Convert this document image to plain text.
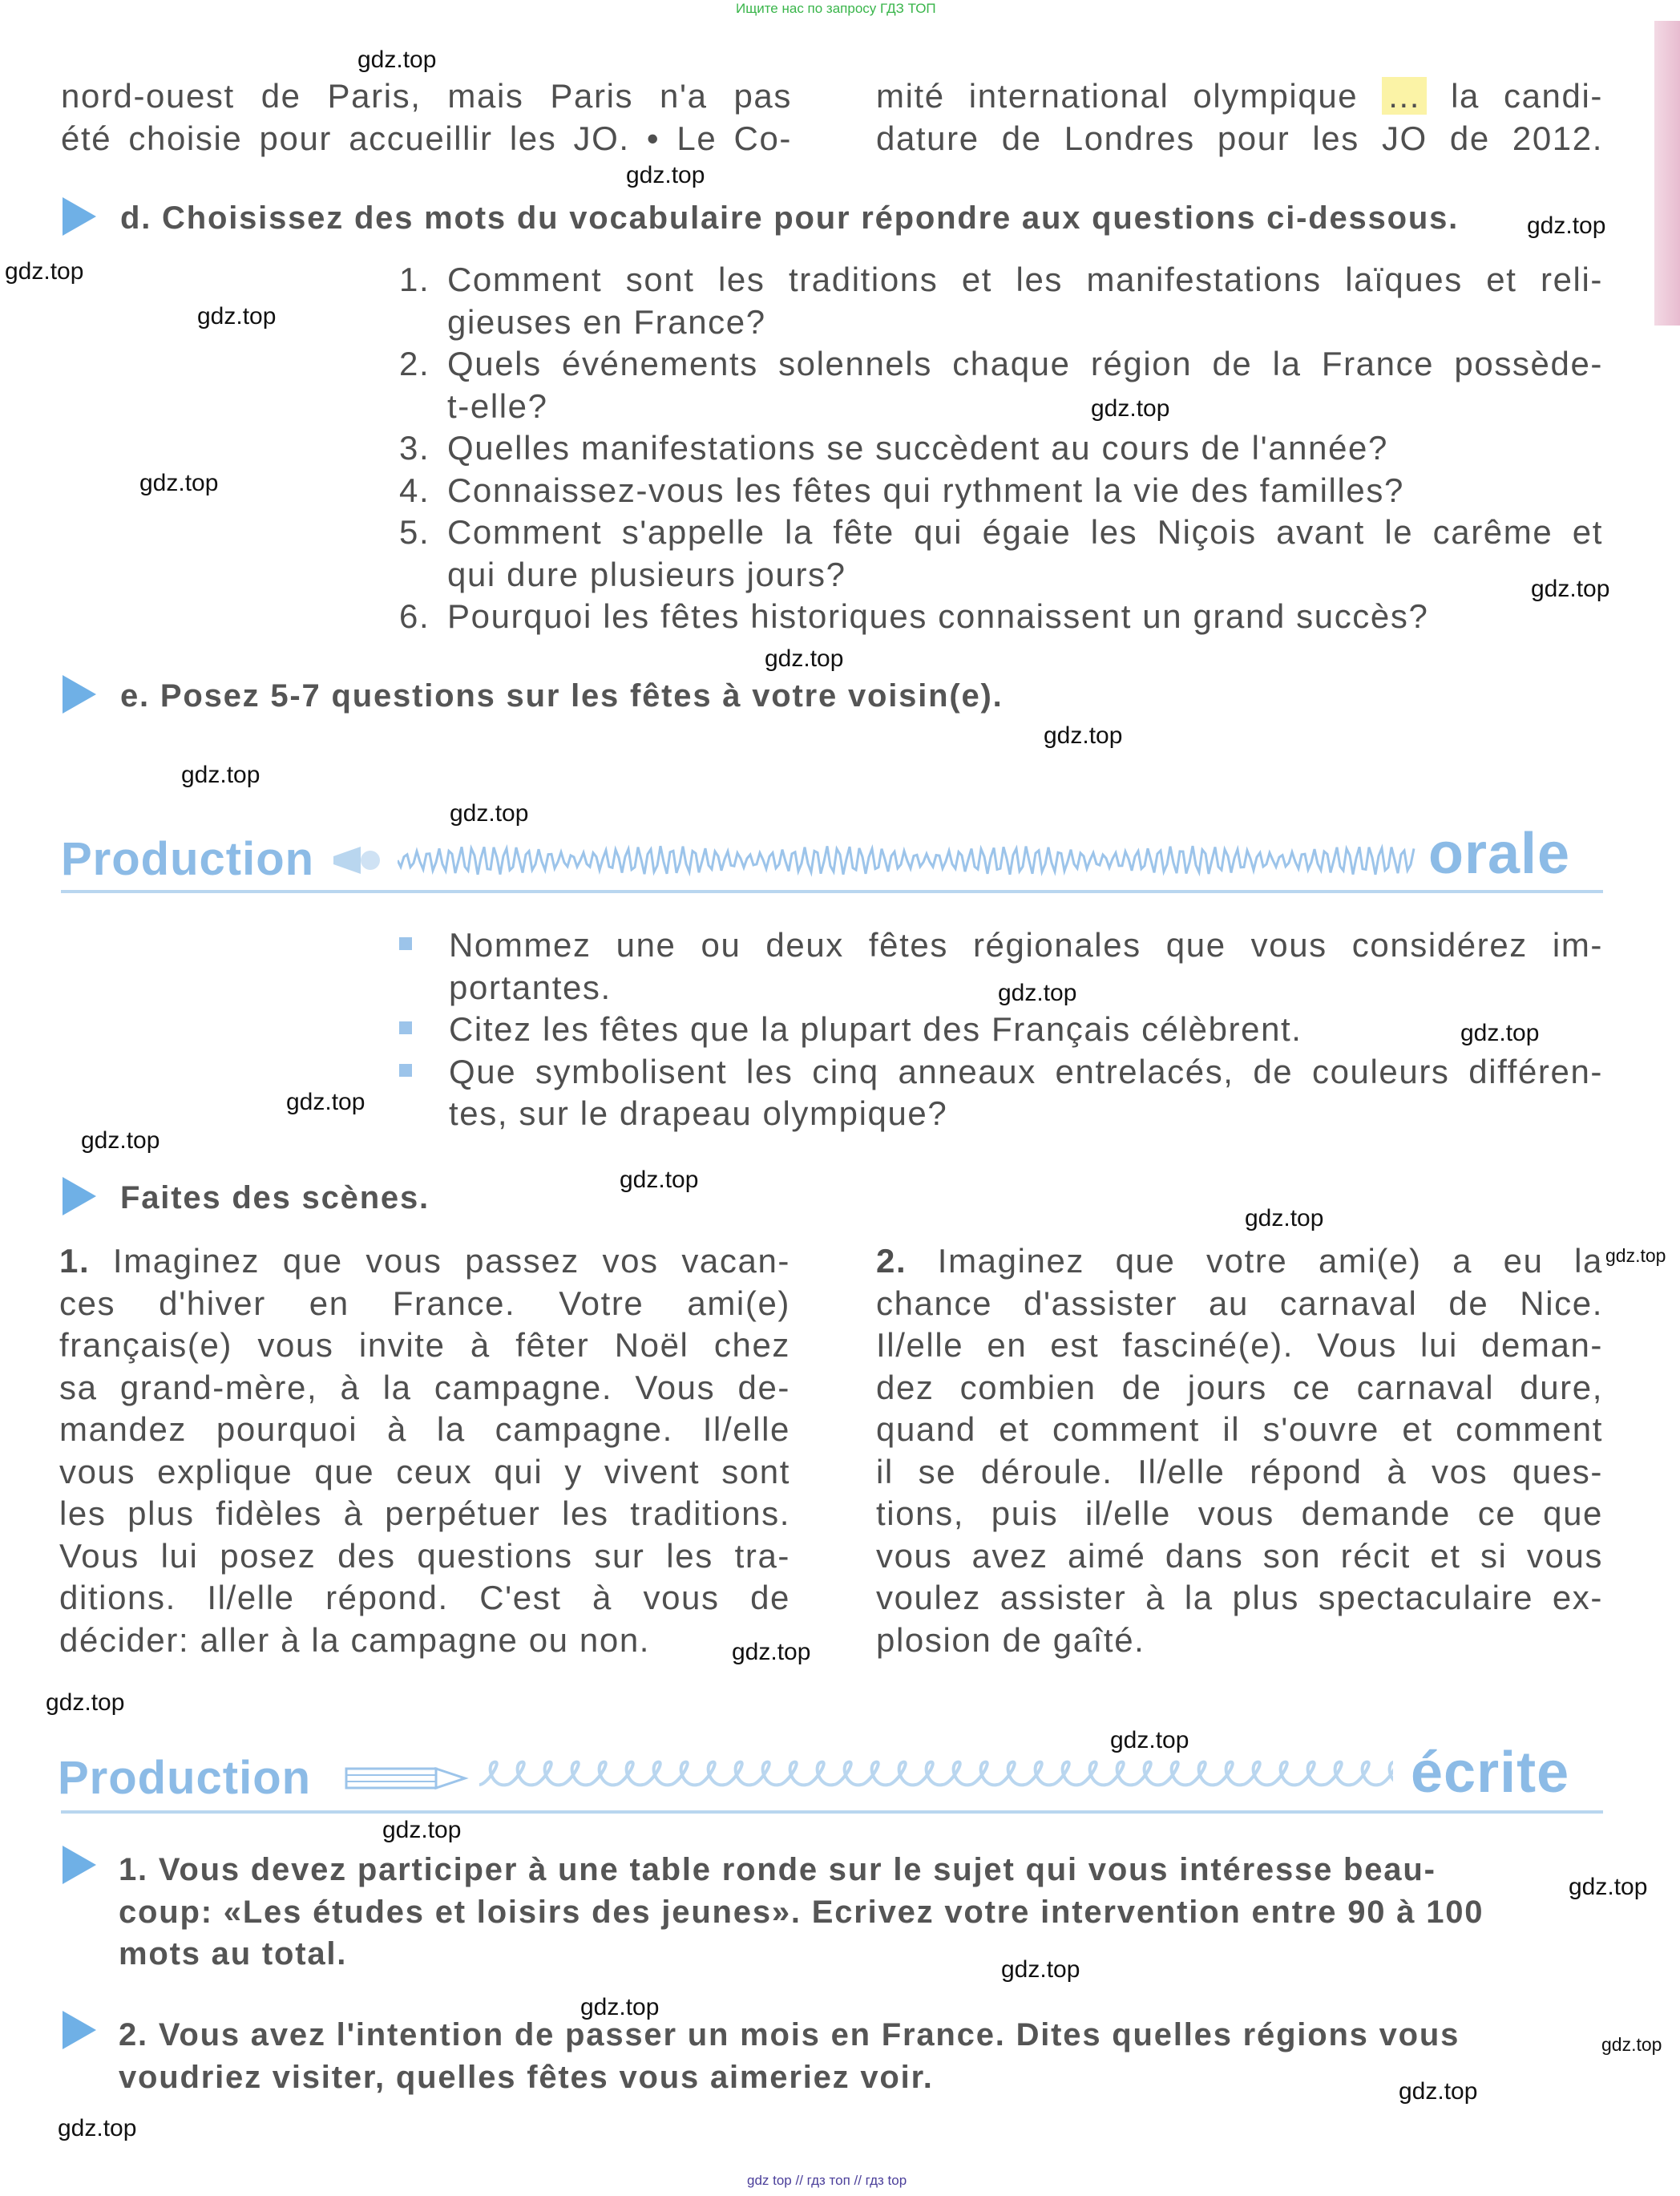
Ищите нас по запросу ГДЗ ТОП
gdz top // гдз топ // гдз top
nord-ouest de Paris, mais Paris n'a pas
été choisie pour accueillir les JO. • Le Co-
mité international olympique ... la candi-
dature de Londres pour les JO de 2012.
d. Choisissez des mots du vocabulaire pour répondre aux questions ci-dessous.
1. Comment sont les traditions et les manifestations laïques et reli-
gieuses en France?
2. Quels événements solennels chaque région de la France possède-
t-elle?
3. Quelles manifestations se succèdent au cours de l'année?
4. Connaissez-vous les fêtes qui rythment la vie des familles?
5. Comment s'appelle la fête qui égaie les Niçois avant le carême et
qui dure plusieurs jours?
6. Pourquoi les fêtes historiques connaissent un grand succès?
e. Posez 5-7 questions sur les fêtes à votre voisin(e).
Production	orale
Nommez une ou deux fêtes régionales que vous considérez im-
portantes.
Citez les fêtes que la plupart des Français célèbrent.
Que symbolisent les cinq anneaux entrelacés, de couleurs différen-
tes, sur le drapeau olympique?
Faites des scènes.
1. Imaginez que vous passez vos vacan-
ces d'hiver en France. Votre ami(e)
français(e) vous invite à fêter Noël chez
sa grand-mère, à la campagne. Vous de-
mandez pourquoi à la campagne. Il/elle
vous explique que ceux qui y vivent sont
les plus fidèles à perpétuer les traditions.
Vous lui posez des questions sur les tra-
ditions. Il/elle répond. C'est à vous de
décider: aller à la campagne ou non.
2. Imaginez que votre ami(e) a eu la
chance d'assister au carnaval de Nice.
Il/elle en est fasciné(e). Vous lui deman-
dez combien de jours ce carnaval dure,
quand et comment il s'ouvre et comment
il se déroule. Il/elle répond à vos ques-
tions, puis il/elle vous demande ce que
vous avez aimé dans son récit et si vous
voulez assister à la plus spectaculaire ex-
plosion de gaîté.
Production	écrite
1. Vous devez participer à une table ronde sur le sujet qui vous intéresse beau-
coup: «Les études et loisirs des jeunes». Ecrivez votre intervention entre 90 à 100
mots au total.
2. Vous avez l'intention de passer un mois en France. Dites quelles régions vous
voudriez visiter, quelles fêtes vous aimeriez voir.
gdz.top
gdz.top
gdz.top
gdz.top
gdz.top
gdz.top
gdz.top
gdz.top
gdz.top
gdz.top
gdz.top
gdz.top
gdz.top
gdz.top
gdz.top
gdz.top
gdz.top
gdz.top
gdz.top
gdz.top
gdz.top
gdz.top
gdz.top
gdz.top
gdz.top
gdz.top
gdz.top
gdz.top
gdz.top
